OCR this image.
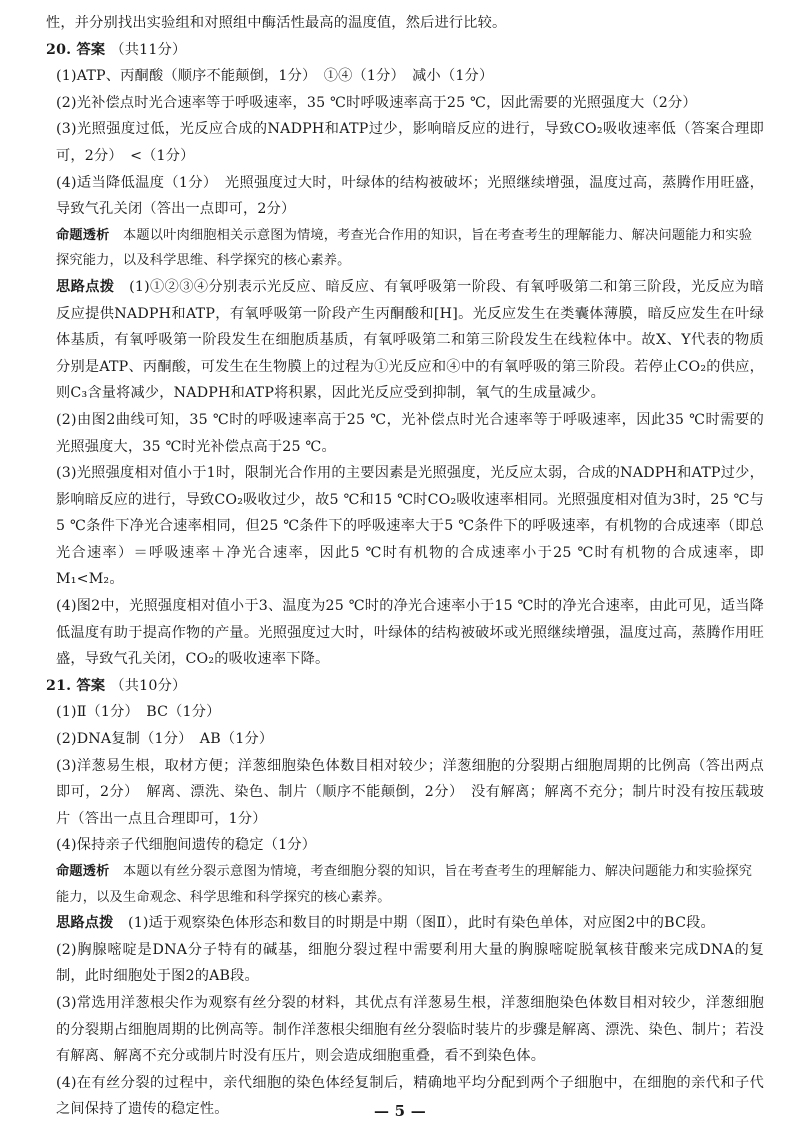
性，并分别找出实验组和对照组中酶活性最高的温度值，然后进行比较。

20. 答案 （共11分）

(1)ATP、丙酮酸（顺序不能颠倒，1分）　①④（1分）　减小（1分）

(2)光补偿点时光合速率等于呼吸速率，35 ℃时呼吸速率高于25 ℃，因此需要的光照强度大（2分）

(3)光照强度过低，光反应合成的NADPH和ATP过少，影响暗反应的进行，导致CO₂吸收速率低（答案合理即可，2分）　<（1分）

(4)适当降低温度（1分）　光照强度过大时，叶绿体的结构被破坏；光照继续增强，温度过高，蒸腾作用旺盛，导致气孔关闭（答出一点即可，2分）

命题透析　 本题以叶肉细胞相关示意图为情境，考查光合作用的知识，旨在考查考生的理解能力、解决问题能力和实验探究能力，以及科学思维、科学探究的核心素养。

思路点拨　 (1)①②③④分别表示光反应、暗反应、有氧呼吸第一阶段、有氧呼吸第二和第三阶段，光反应为暗反应提供NADPH和ATP，有氧呼吸第一阶段产生丙酮酸和[H]。光反应发生在类囊体薄膜，暗反应发生在叶绿体基质，有氧呼吸第一阶段发生在细胞质基质，有氧呼吸第二和第三阶段发生在线粒体中。故X、Y代表的物质分别是ATP、丙酮酸，可发生在生物膜上的过程为①光反应和④中的有氧呼吸的第三阶段。若停止CO₂的供应，则C₃含量将减少，NADPH和ATP将积累，因此光反应受到抑制，氧气的生成量减少。

(2)由图2曲线可知，35 ℃时的呼吸速率高于25 ℃，光补偿点时光合速率等于呼吸速率，因此35 ℃时需要的光照强度大，35 ℃时光补偿点高于25 ℃。

(3)光照强度相对值小于1时，限制光合作用的主要因素是光照强度，光反应太弱，合成的NADPH和ATP过少，影响暗反应的进行，导致CO₂吸收过少，故5 ℃和15 ℃时CO₂吸收速率相同。光照强度相对值为3时，25 ℃与5 ℃条件下净光合速率相同，但25 ℃条件下的呼吸速率大于5 ℃条件下的呼吸速率，有机物的合成速率（即总光合速率）＝呼吸速率＋净光合速率，因此5 ℃时有机物的合成速率小于25 ℃时有机物的合成速率，即M₁<M₂。

(4)图2中，光照强度相对值小于3、温度为25 ℃时的净光合速率小于15 ℃时的净光合速率，由此可见，适当降低温度有助于提高作物的产量。光照强度过大时，叶绿体的结构被破坏或光照继续增强，温度过高，蒸腾作用旺盛，导致气孔关闭，CO₂的吸收速率下降。

21. 答案 （共10分）

(1)Ⅱ（1分）　BC（1分）

(2)DNA复制（1分）　AB（1分）

(3)洋葱易生根，取材方便；洋葱细胞染色体数目相对较少；洋葱细胞的分裂期占细胞周期的比例高（答出两点即可，2分）　解离、漂洗、染色、制片（顺序不能颠倒，2分）　没有解离；解离不充分；制片时没有按压载玻片（答出一点且合理即可，1分）

(4)保持亲子代细胞间遗传的稳定（1分）

命题透析　 本题以有丝分裂示意图为情境，考查细胞分裂的知识，旨在考查考生的理解能力、解决问题能力和实验探究能力，以及生命观念、科学思维和科学探究的核心素养。

思路点拨　 (1)适于观察染色体形态和数目的时期是中期（图Ⅱ），此时有染色单体，对应图2中的BC段。

(2)胸腺嘧啶是DNA分子特有的碱基，细胞分裂过程中需要利用大量的胸腺嘧啶脱氧核苷酸来完成DNA的复制，此时细胞处于图2的AB段。

(3)常选用洋葱根尖作为观察有丝分裂的材料，其优点有洋葱易生根，洋葱细胞染色体数目相对较少，洋葱细胞的分裂期占细胞周期的比例高等。制作洋葱根尖细胞有丝分裂临时装片的步骤是解离、漂洗、染色、制片；若没有解离、解离不充分或制片时没有压片，则会造成细胞重叠，看不到染色体。

(4)在有丝分裂的过程中，亲代细胞的染色体经复制后，精确地平均分配到两个子细胞中，在细胞的亲代和子代之间保持了遗传的稳定性。	— 5 —
